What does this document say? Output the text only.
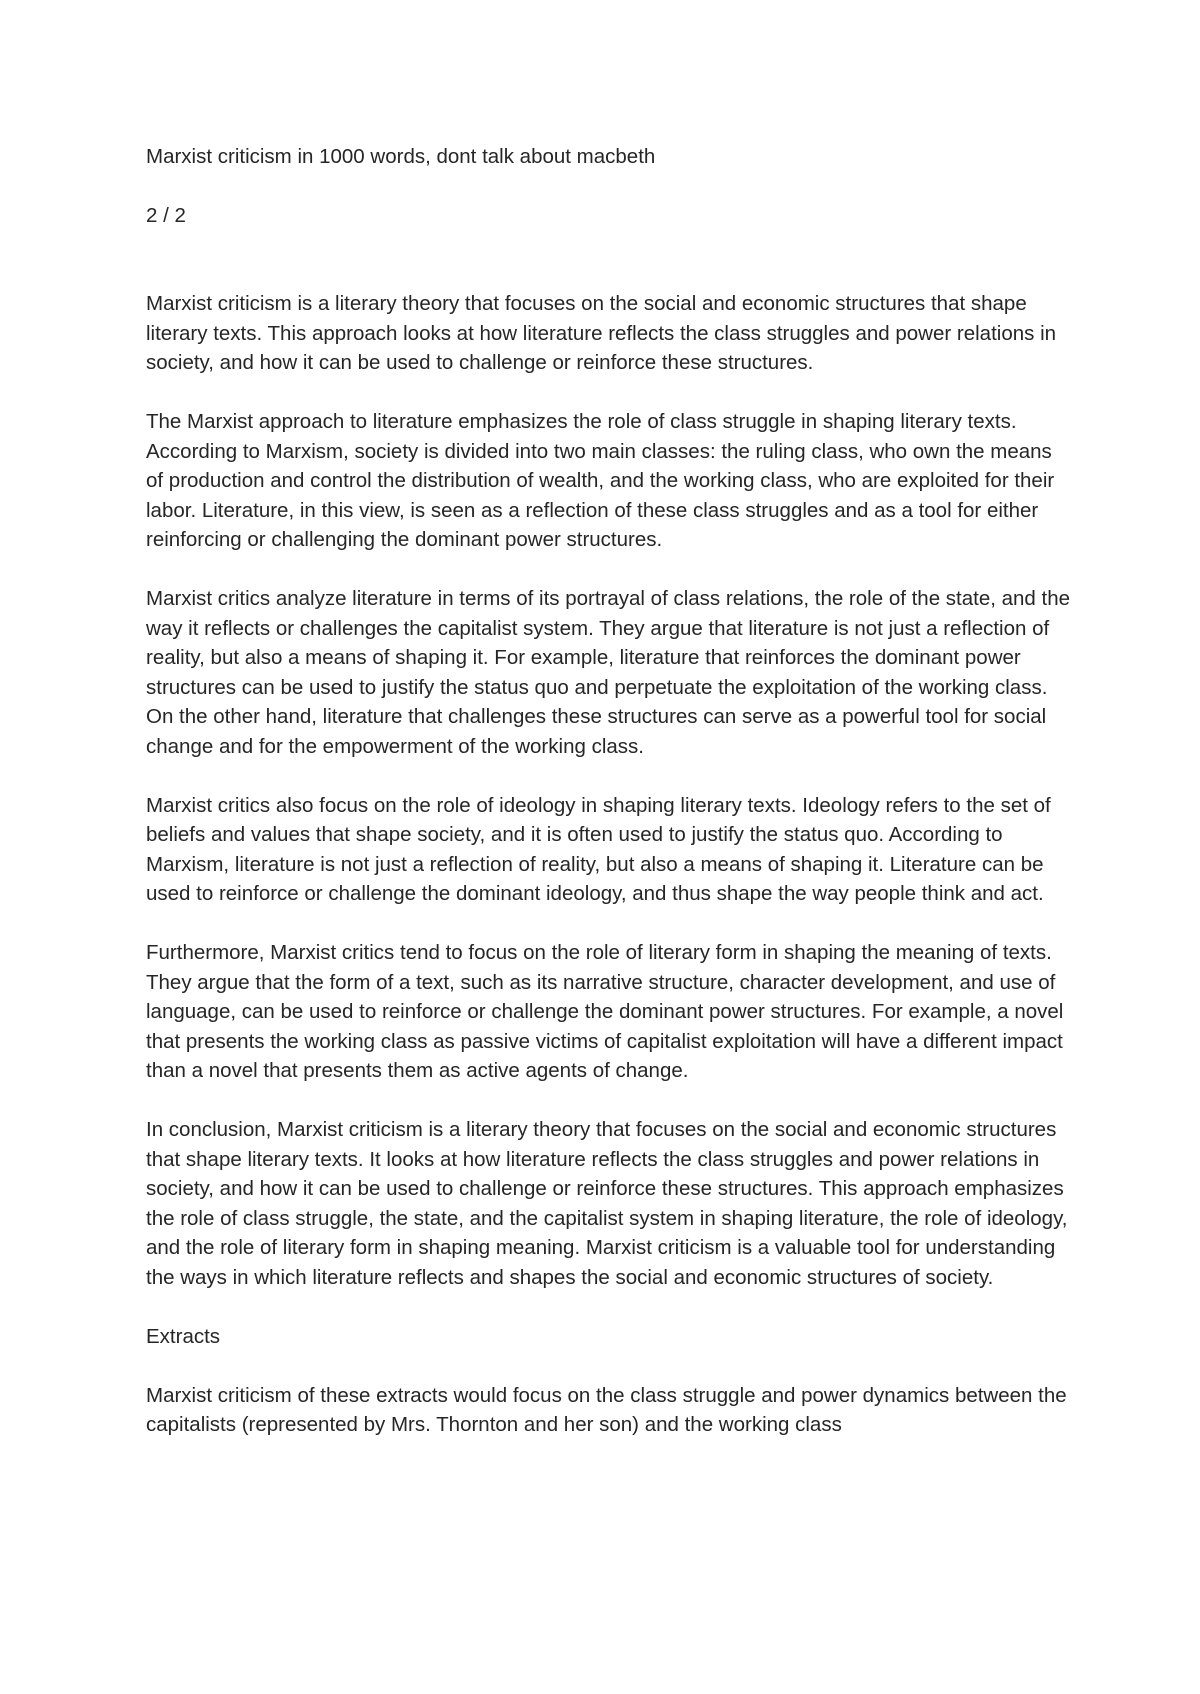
Marxist criticism in 1000 words, dont talk about macbeth

2 / 2

Marxist criticism is a literary theory that focuses on the social and economic structures that shape literary texts. This approach looks at how literature reflects the class struggles and power relations in society, and how it can be used to challenge or reinforce these structures.

The Marxist approach to literature emphasizes the role of class struggle in shaping literary texts. According to Marxism, society is divided into two main classes: the ruling class, who own the means of production and control the distribution of wealth, and the working class, who are exploited for their labor. Literature, in this view, is seen as a reflection of these class struggles and as a tool for either reinforcing or challenging the dominant power structures.

Marxist critics analyze literature in terms of its portrayal of class relations, the role of the state, and the way it reflects or challenges the capitalist system. They argue that literature is not just a reflection of reality, but also a means of shaping it. For example, literature that reinforces the dominant power structures can be used to justify the status quo and perpetuate the exploitation of the working class. On the other hand, literature that challenges these structures can serve as a powerful tool for social change and for the empowerment of the working class.

Marxist critics also focus on the role of ideology in shaping literary texts. Ideology refers to the set of beliefs and values that shape society, and it is often used to justify the status quo. According to Marxism, literature is not just a reflection of reality, but also a means of shaping it. Literature can be used to reinforce or challenge the dominant ideology, and thus shape the way people think and act.

Furthermore, Marxist critics tend to focus on the role of literary form in shaping the meaning of texts. They argue that the form of a text, such as its narrative structure, character development, and use of language, can be used to reinforce or challenge the dominant power structures. For example, a novel that presents the working class as passive victims of capitalist exploitation will have a different impact than a novel that presents them as active agents of change.

In conclusion, Marxist criticism is a literary theory that focuses on the social and economic structures that shape literary texts. It looks at how literature reflects the class struggles and power relations in society, and how it can be used to challenge or reinforce these structures. This approach emphasizes the role of class struggle, the state, and the capitalist system in shaping literature, the role of ideology, and the role of literary form in shaping meaning. Marxist criticism is a valuable tool for understanding the ways in which literature reflects and shapes the social and economic structures of society.

Extracts

Marxist criticism of these extracts would focus on the class struggle and power dynamics between the capitalists (represented by Mrs. Thornton and her son) and the working class
